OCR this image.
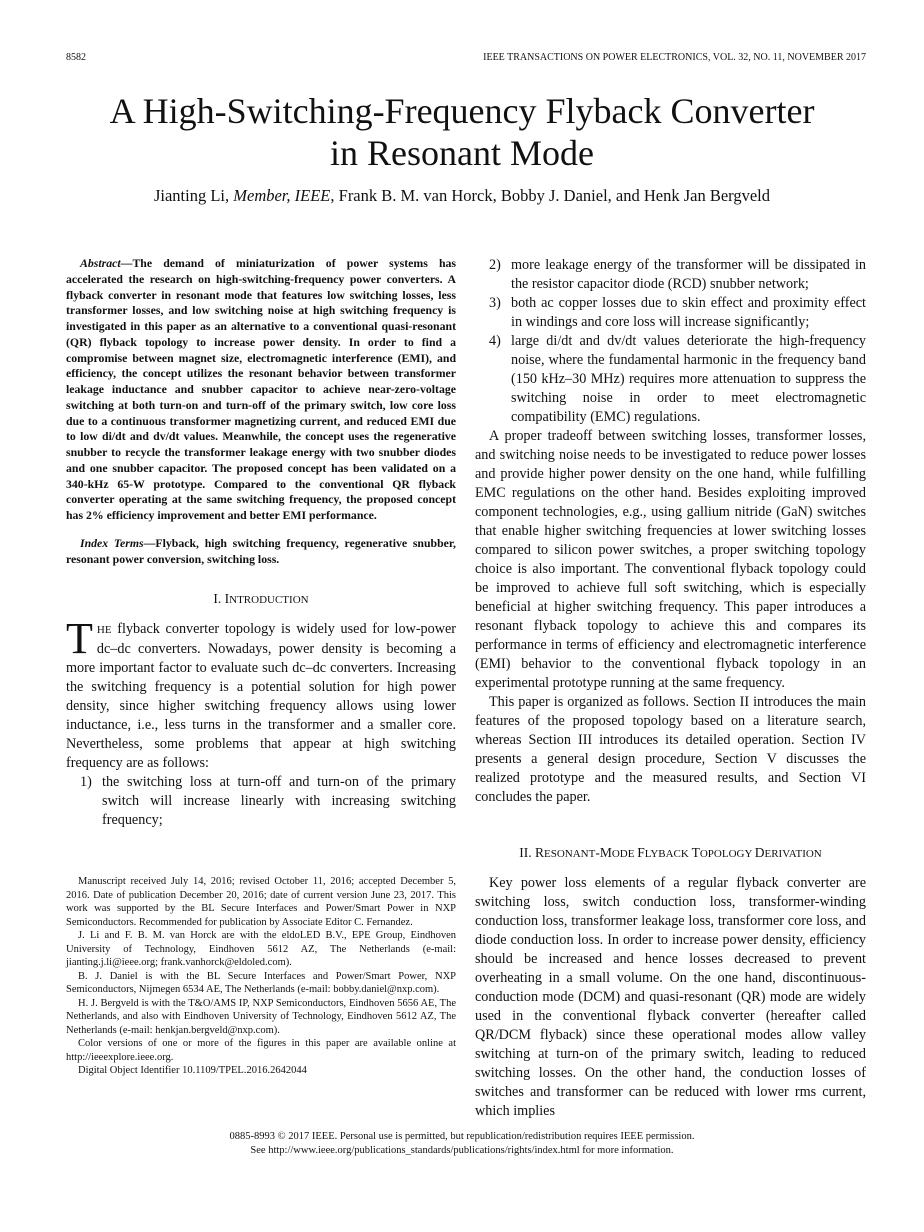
8582	IEEE TRANSACTIONS ON POWER ELECTRONICS, VOL. 32, NO. 11, NOVEMBER 2017
A High-Switching-Frequency Flyback Converter
in Resonant Mode
Jianting Li, Member, IEEE, Frank B. M. van Horck, Bobby J. Daniel, and Henk Jan Bergveld

Abstract—The demand of miniaturization of power systems has accelerated the research on high-switching-frequency power converters. A flyback converter in resonant mode that features low switching losses, less transformer losses, and low switching noise at high switching frequency is investigated in this paper as an alternative to a conventional quasi-resonant (QR) flyback topology to increase power density. In order to find a compromise between magnet size, electromagnetic interference (EMI), and efficiency, the concept utilizes the resonant behavior between transformer leakage inductance and snubber capacitor to achieve near-zero-voltage switching at both turn-on and turn-off of the primary switch, low core loss due to a continuous transformer magnetizing current, and reduced EMI due to low di/dt and dv/dt values. Meanwhile, the concept uses the regenerative snubber to recycle the transformer leakage energy with two snubber diodes and one snubber capacitor. The proposed concept has been validated on a 340-kHz 65-W prototype. Compared to the conventional QR flyback converter operating at the same switching frequency, the proposed concept has 2% efficiency improvement and better EMI performance.

Index Terms—Flyback, high switching frequency, regenerative snubber, resonant power conversion, switching loss.

I. INTRODUCTION

THE flyback converter topology is widely used for low-power dc–dc converters. Nowadays, power density is becoming a more important factor to evaluate such dc–dc converters. Increasing the switching frequency is a potential solution for high power density, since higher switching frequency allows using lower inductance, i.e., less turns in the transformer and a smaller core. Nevertheless, some problems that appear at high switching frequency are as follows:

1) the switching loss at turn-off and turn-on of the primary switch will increase linearly with increasing switching frequency;

Manuscript received July 14, 2016; revised October 11, 2016; accepted December 5, 2016. Date of publication December 20, 2016; date of current version June 23, 2017. This work was supported by the BL Secure Interfaces and Power/Smart Power in NXP Semiconductors. Recommended for publication by Associate Editor C. Fernandez.

J. Li and F. B. M. van Horck are with the eldoLED B.V., EPE Group, Eindhoven University of Technology, Eindhoven 5612 AZ, The Netherlands (e-mail: jianting.j.li@ieee.org; frank.vanhorck@eldoled.com).

B. J. Daniel is with the BL Secure Interfaces and Power/Smart Power, NXP Semiconductors, Nijmegen 6534 AE, The Netherlands (e-mail: bobby.daniel@nxp.com).

H. J. Bergveld is with the T&O/AMS IP, NXP Semiconductors, Eindhoven 5656 AE, The Netherlands, and also with Eindhoven University of Technology, Eindhoven 5612 AZ, The Netherlands (e-mail: henkjan.bergveld@nxp.com).

Color versions of one or more of the figures in this paper are available online at http://ieeexplore.ieee.org.

Digital Object Identifier 10.1109/TPEL.2016.2642044

2) more leakage energy of the transformer will be dissipated in the resistor capacitor diode (RCD) snubber network;
3) both ac copper losses due to skin effect and proximity effect in windings and core loss will increase significantly;
4) large di/dt and dv/dt values deteriorate the high-frequency noise, where the fundamental harmonic in the frequency band (150 kHz–30 MHz) requires more attenuation to suppress the switching noise in order to meet electromagnetic compatibility (EMC) regulations.

A proper tradeoff between switching losses, transformer losses, and switching noise needs to be investigated to reduce power losses and provide higher power density on the one hand, while fulfilling EMC regulations on the other hand. Besides exploiting improved component technologies, e.g., using gallium nitride (GaN) switches that enable higher switching frequencies at lower switching losses compared to silicon power switches, a proper switching topology choice is also important. The conventional flyback topology could be improved to achieve full soft switching, which is especially beneficial at higher switching frequency. This paper introduces a resonant flyback topology to achieve this and compares its performance in terms of efficiency and electromagnetic interference (EMI) behavior to the conventional flyback topology in an experimental prototype running at the same frequency.

This paper is organized as follows. Section II introduces the main features of the proposed topology based on a literature search, whereas Section III introduces its detailed operation. Section IV presents a general design procedure, Section V discusses the realized prototype and the measured results, and Section VI concludes the paper.

II. RESONANT-MODE FLYBACK TOPOLOGY DERIVATION

Key power loss elements of a regular flyback converter are switching loss, switch conduction loss, transformer-winding conduction loss, transformer leakage loss, transformer core loss, and diode conduction loss. In order to increase power density, efficiency should be increased and hence losses decreased to prevent overheating in a small volume. On the one hand, discontinuous-conduction mode (DCM) and quasi-resonant (QR) mode are widely used in the conventional flyback converter (hereafter called QR/DCM flyback) since these operational modes allow valley switching at turn-on of the primary switch, leading to reduced switching losses. On the other hand, the conduction losses of switches and transformer can be reduced with lower rms current, which implies

0885-8993 © 2017 IEEE. Personal use is permitted, but republication/redistribution requires IEEE permission.
See http://www.ieee.org/publications_standards/publications/rights/index.html for more information.
